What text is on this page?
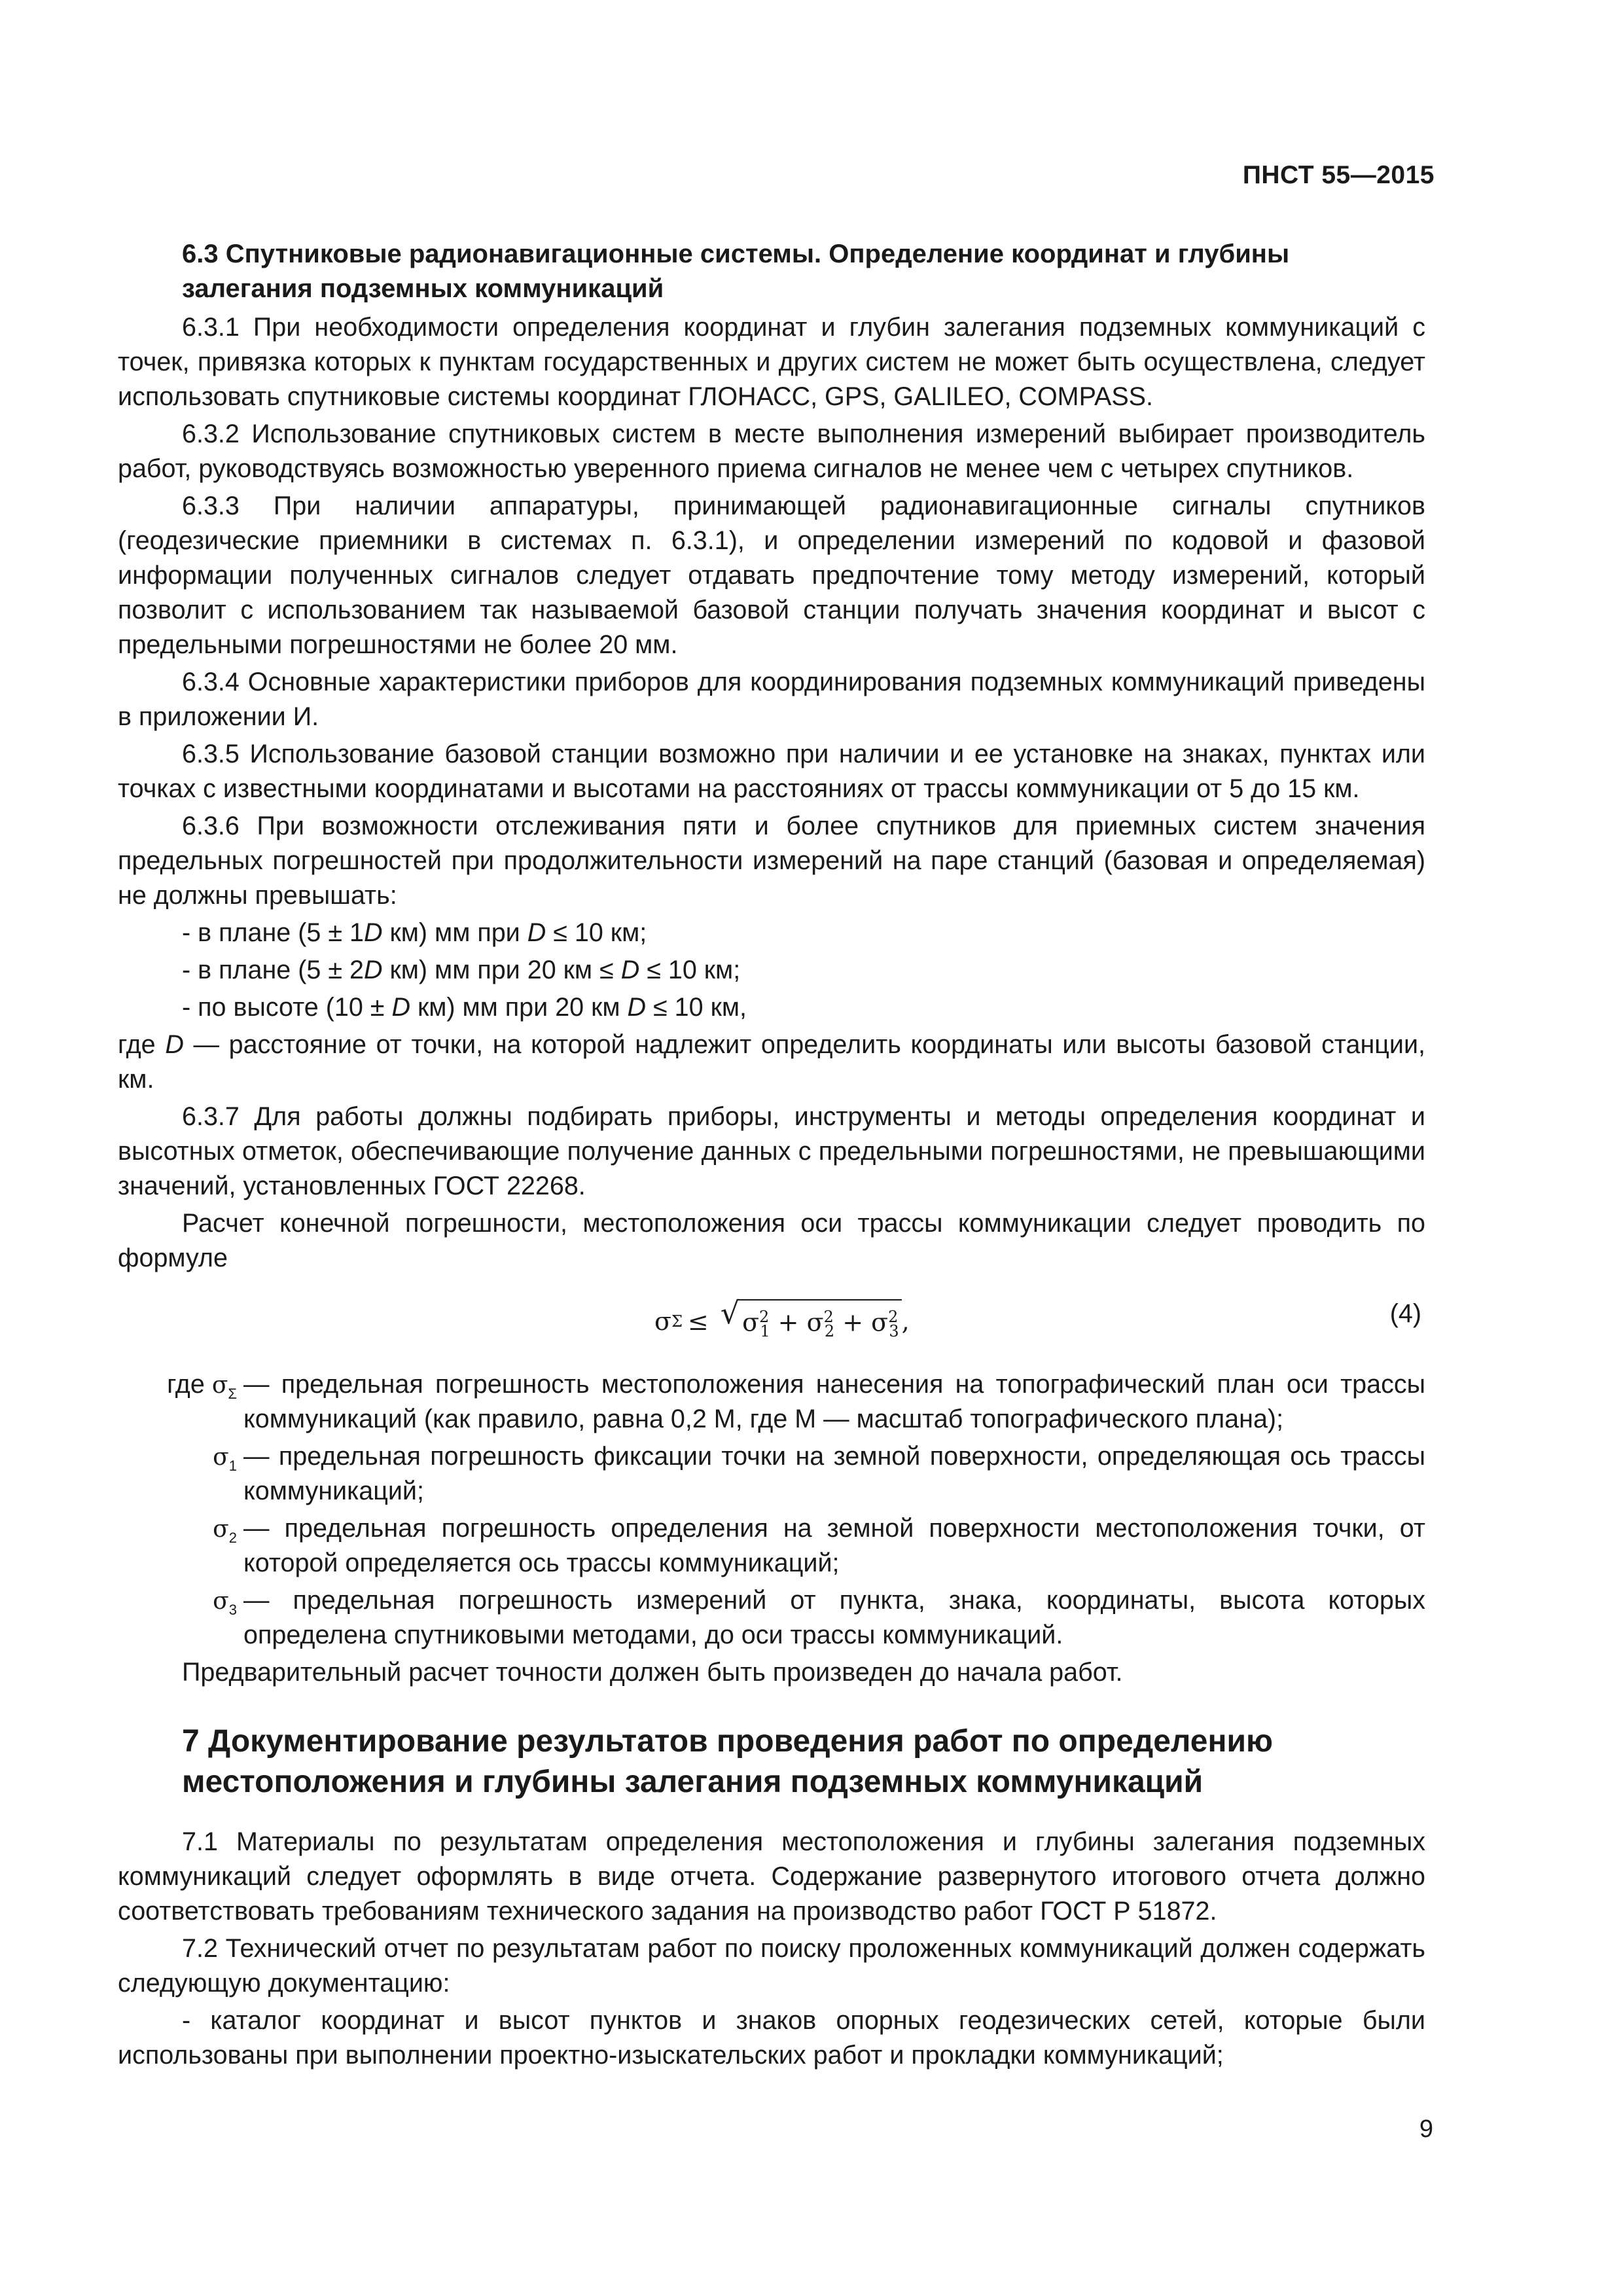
ПНСТ 55—2015
6.3 Спутниковые радионавигационные системы. Определение координат и глубины залегания подземных коммуникаций

6.3.1 При необходимости определения координат и глубин залегания подземных коммуникаций с точек, привязка которых к пунктам государственных и других систем не может быть осуществлена, следует использовать спутниковые системы координат ГЛОНАСС, GPS, GALILEO, COMPASS.

6.3.2 Использование спутниковых систем в месте выполнения измерений выбирает производитель работ, руководствуясь возможностью уверенного приема сигналов не менее чем с четырех спутников.

6.3.3 При наличии аппаратуры, принимающей радионавигационные сигналы спутников (геодезические приемники в системах п. 6.3.1), и определении измерений по кодовой и фазовой информации полученных сигналов следует отдавать предпочтение тому методу измерений, который позволит с использованием так называемой базовой станции получать значения координат и высот с предельными погрешностями не более 20 мм.

6.3.4 Основные характеристики приборов для координирования подземных коммуникаций приведены в приложении И.

6.3.5 Использование базовой станции возможно при наличии и ее установке на знаках, пунктах или точках с известными координатами и высотами на расстояниях от трассы коммуникации от 5 до 15 км.

6.3.6 При возможности отслеживания пяти и более спутников для приемных систем значения предельных погрешностей при продолжительности измерений на паре станций (базовая и определяемая) не должны превышать:

- в плане (5 ± 1D км) мм при D ≤ 10 км;
- в плане (5 ± 2D км) мм при 20 км ≤ D ≤ 10 км;
- по высоте (10 ± D км) мм при 20 км D ≤ 10 км,

где D — расстояние от точки, на которой надлежит определить координаты или высоты базовой станции, км.

6.3.7 Для работы должны подбирать приборы, инструменты и методы определения координат и высотных отметок, обеспечивающие получение данных с предельными погрешностями, не превышающими значений, установленных ГОСТ 22268.

Расчет конечной погрешности, местоположения оси трассы коммуникации следует проводить по формуле

σ Σ ≤ √ $\sigma^2_1 + \sigma^2_2 + \sigma^2_3$ ,	(4)
где $\sigma_\Sigma$ — предельная погрешность местоположения нанесения на топографический план оси трассы коммуникаций (как правило, равна 0,2 М, где М — масштаб топографического плана);
$\sigma_1$ — предельная погрешность фиксации точки на земной поверхности, определяющая ось трассы коммуникаций;
$\sigma_2$ — предельная погрешность определения на земной поверхности местоположения точки, от которой определяется ось трассы коммуникаций;
$\sigma_3$ — предельная погрешность измерений от пункта, знака, координаты, высота которых определена спутниковыми методами, до оси трассы коммуникаций.

Предварительный расчет точности должен быть произведен до начала работ.

7 Документирование результатов проведения работ по определению местоположения и глубины залегания подземных коммуникаций

7.1 Материалы по результатам определения местоположения и глубины залегания подземных коммуникаций следует оформлять в виде отчета. Содержание развернутого итогового отчета должно соответствовать требованиям технического задания на производство работ ГОСТ Р 51872.

7.2 Технический отчет по результатам работ по поиску проложенных коммуникаций должен содержать следующую документацию:

- каталог координат и высот пунктов и знаков опорных геодезических сетей, которые были использованы при выполнении проектно-изыскательских работ и прокладки коммуникаций;

9
